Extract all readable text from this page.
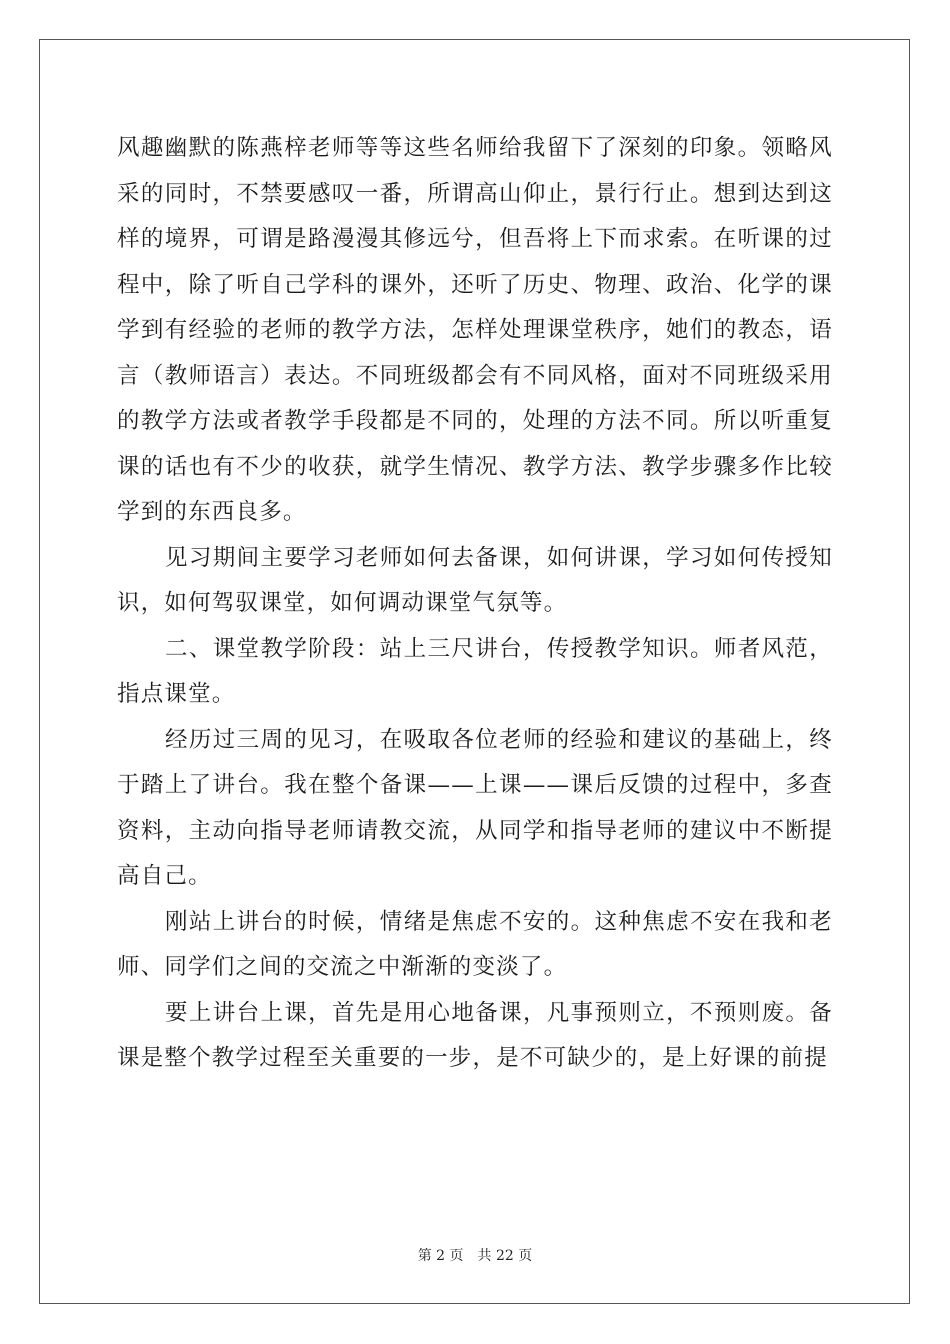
风趣幽默的陈燕梓老师等等这些名师给我留下了深刻的印象。领略风采的同时，不禁要感叹一番，所谓高山仰止，景行行止。想到达到这样的境界，可谓是路漫漫其修远兮，但吾将上下而求索。在听课的过程中，除了听自己学科的课外，还听了历史、物理、政治、化学的课学到有经验的老师的教学方法，怎样处理课堂秩序，她们的教态，语言（教师语言）表达。不同班级都会有不同风格，面对不同班级采用的教学方法或者教学手段都是不同的，处理的方法不同。所以听重复课的话也有不少的收获，就学生情况、教学方法、教学步骤多作比较学到的东西良多。

见习期间主要学习老师如何去备课，如何讲课，学习如何传授知识，如何驾驭课堂，如何调动课堂气氛等。

二、课堂教学阶段：站上三尺讲台，传授教学知识。师者风范，指点课堂。

经历过三周的见习，在吸取各位老师的经验和建议的基础上，终于踏上了讲台。我在整个备课——上课——课后反馈的过程中，多查资料，主动向指导老师请教交流，从同学和指导老师的建议中不断提高自己。

刚站上讲台的时候，情绪是焦虑不安的。这种焦虑不安在我和老师、同学们之间的交流之中渐渐的变淡了。

要上讲台上课，首先是用心地备课，凡事预则立，不预则废。备课是整个教学过程至关重要的一步，是不可缺少的，是上好课的前提

第 2 页 共 22 页
